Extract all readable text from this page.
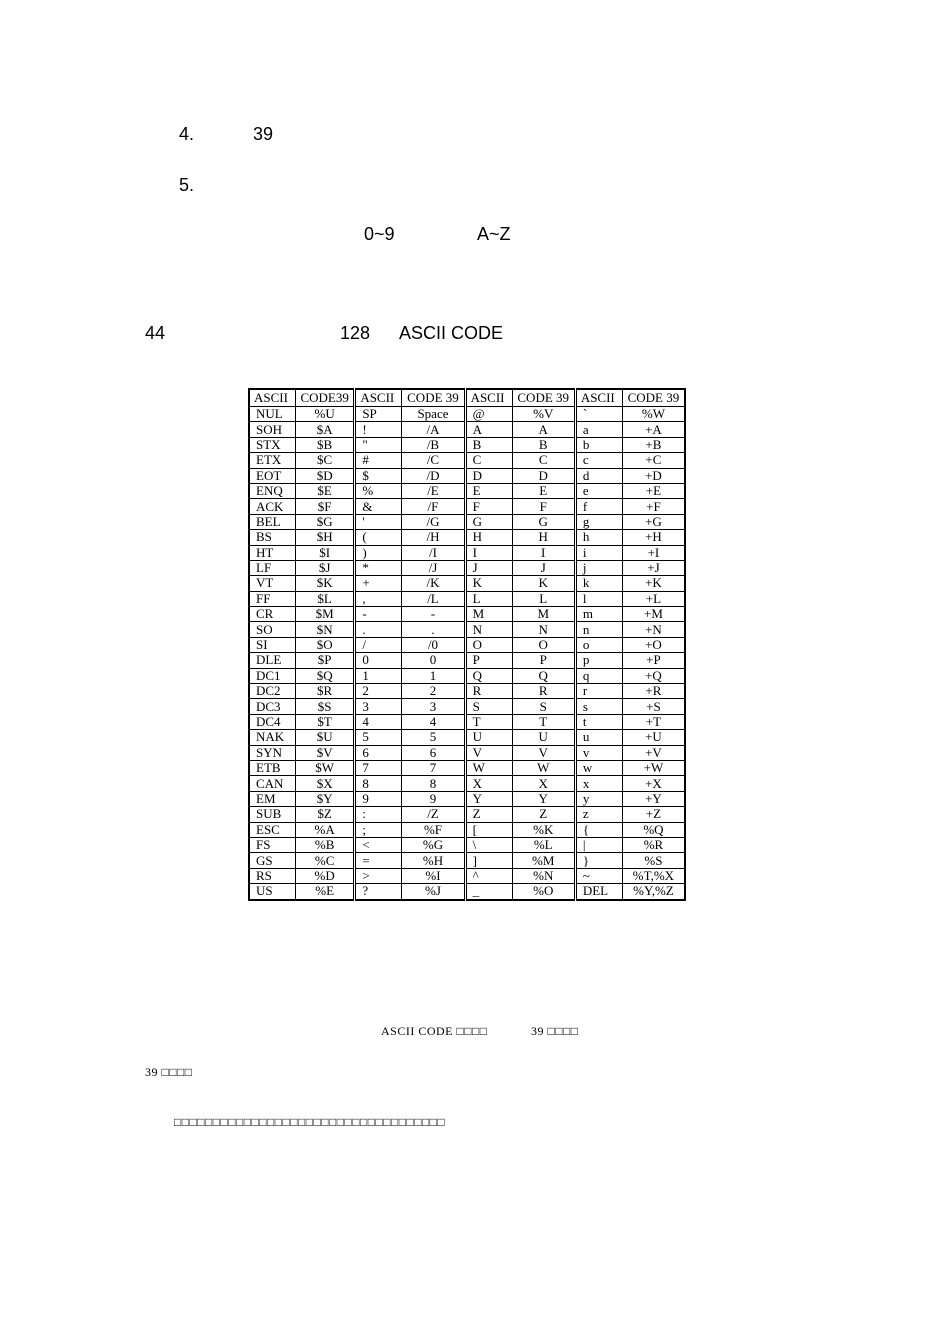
4.	39
5.
0~9	A~Z
44	128 ASCII CODE
ASCII	CODE39	ASCII	CODE 39	ASCII	CODE 39	ASCII	CODE 39
NUL	%U	SP	Space	@	%V	`	%W
SOH	$A	!	/A	A	A	a	+A
STX	$B	"	/B	B	B	b	+B
ETX	$C	#	/C	C	C	c	+C
EOT	$D	$	/D	D	D	d	+D
ENQ	$E	%	/E	E	E	e	+E
ACK	$F	&	/F	F	F	f	+F
BEL	$G	'	/G	G	G	g	+G
BS	$H	(	/H	H	H	h	+H
HT	$I	)	/I	I	I	i	+I
LF	$J	*	/J	J	J	j	+J
VT	$K	+	/K	K	K	k	+K
FF	$L	,	/L	L	L	l	+L
CR	$M	-	-	M	M	m	+M
SO	$N	.	.	N	N	n	+N
SI	$O	/	/0	O	O	o	+O
DLE	$P	0	0	P	P	p	+P
DC1	$Q	1	1	Q	Q	q	+Q
DC2	$R	2	2	R	R	r	+R
DC3	$S	3	3	S	S	s	+S
DC4	$T	4	4	T	T	t	+T
NAK	$U	5	5	U	U	u	+U
SYN	$V	6	6	V	V	v	+V
ETB	$W	7	7	W	W	w	+W
CAN	$X	8	8	X	X	x	+X
EM	$Y	9	9	Y	Y	y	+Y
SUB	$Z	:	/Z	Z	Z	z	+Z
ESC	%A	;	%F	[	%K	{	%Q
FS	%B	<	%G	\	%L	|	%R
GS	%C	=	%H	]	%M	}	%S
RS	%D	>	%I	^	%N	~	%T,%X
US	%E	?	%J	_	%O	DEL	%Y,%Z
ASCII CODE □□□□	39 □□□□
39 □□□□
□□□□□□□□□□□□□□□□□□□□□□□□□□□□□□□□□□□
